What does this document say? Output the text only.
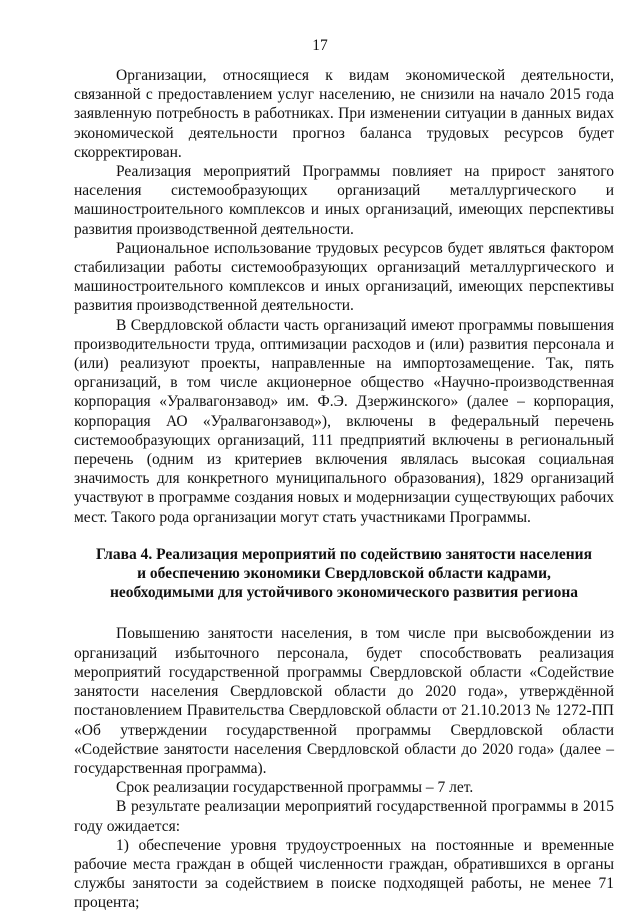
17

Организации, относящиеся к видам экономической деятельности, связанной с предоставлением услуг населению, не снизили на начало 2015 года заявленную потребность в работниках. При изменении ситуации в данных видах экономической деятельности прогноз баланса трудовых ресурсов будет скорректирован.

Реализация мероприятий Программы повлияет на прирост занятого населения системообразующих организаций металлургического и машиностроительного комплексов и иных организаций, имеющих перспективы развития производственной деятельности.

Рациональное использование трудовых ресурсов будет являться фактором стабилизации работы системообразующих организаций металлургического и машиностроительного комплексов и иных организаций, имеющих перспективы развития производственной деятельности.

В Свердловской области часть организаций имеют программы повышения производительности труда, оптимизации расходов и (или) развития персонала и (или) реализуют проекты, направленные на импортозамещение. Так, пять организаций, в том числе акционерное общество «Научно-производственная корпорация «Уралвагонзавод» им. Ф.Э. Дзержинского» (далее – корпорация, корпорация АО «Уралвагонзавод»), включены в федеральный перечень системообразующих организаций, 111 предприятий включены в региональный перечень (одним из критериев включения являлась высокая социальная значимость для конкретного муниципального образования), 1829 организаций участвуют в программе создания новых и модернизации существующих рабочих мест. Такого рода организации могут стать участниками Программы.

Глава 4. Реализация мероприятий по содействию занятости населения
и обеспечению экономики Свердловской области кадрами,
необходимыми для устойчивого экономического развития региона

Повышению занятости населения, в том числе при высвобождении из организаций избыточного персонала, будет способствовать реализация мероприятий государственной программы Свердловской области «Содействие занятости населения Свердловской области до 2020 года», утверждённой постановлением Правительства Свердловской области от 21.10.2013 № 1272-ПП «Об утверждении государственной программы Свердловской области «Содействие занятости населения Свердловской области до 2020 года» (далее – государственная программа).

Срок реализации государственной программы – 7 лет.

В результате реализации мероприятий государственной программы в 2015 году ожидается:

1) обеспечение уровня трудоустроенных на постоянные и временные рабочие места граждан в общей численности граждан, обратившихся в органы службы занятости за содействием в поиске подходящей работы, не менее 71 процента;
